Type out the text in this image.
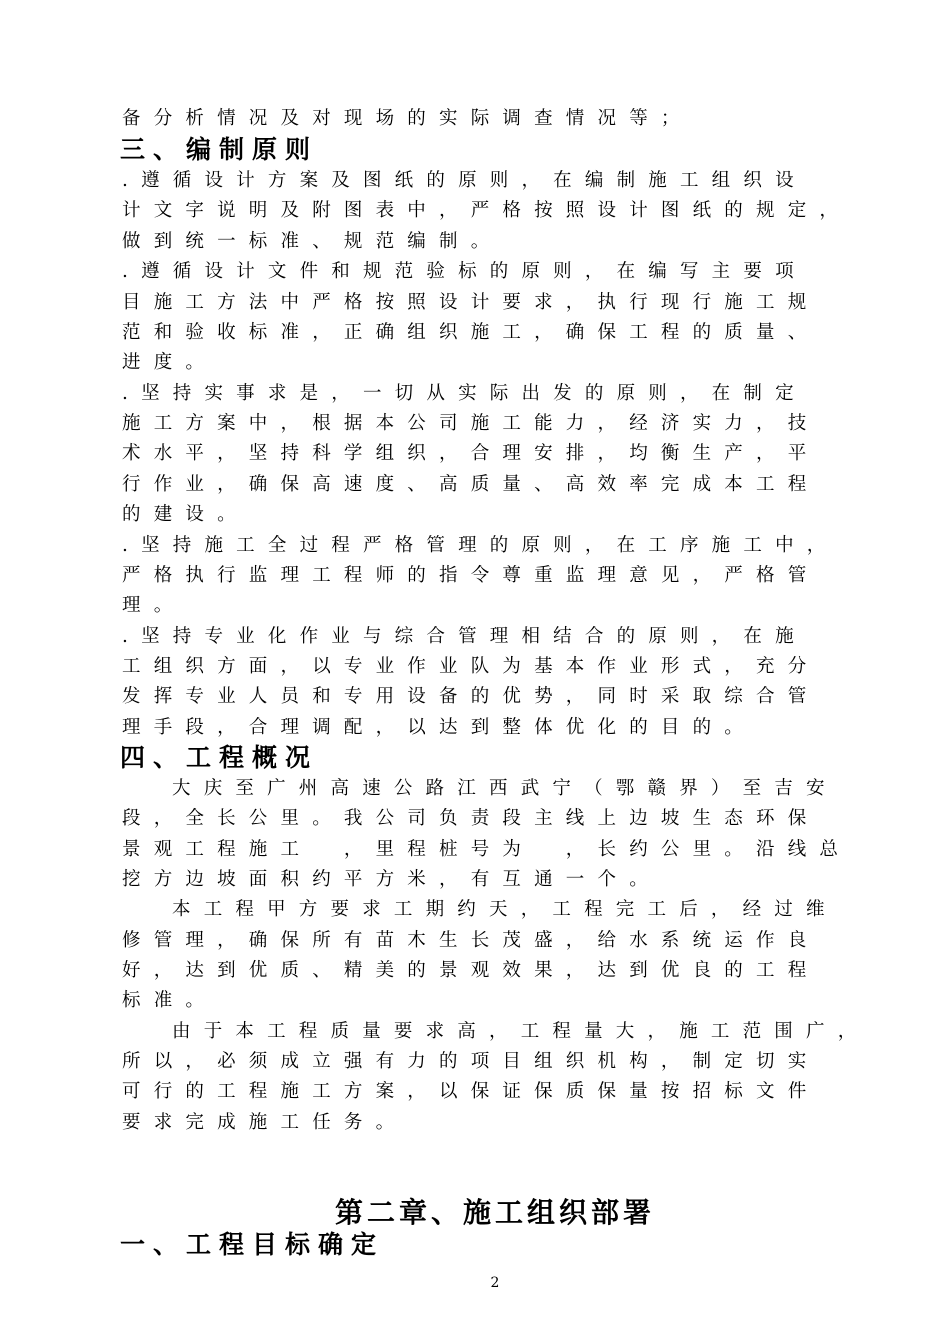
备分析情况及对现场的实际调查情况等；
三、编制原则
.遵循设计方案及图纸的原则，在编制施工组织设
计文字说明及附图表中，严格按照设计图纸的规定，
做到统一标准、规范编制。
.遵循设计文件和规范验标的原则，在编写主要项
目施工方法中严格按照设计要求，执行现行施工规
范和验收标准，正确组织施工，确保工程的质量、
进度。
.坚持实事求是，一切从实际出发的原则，在制定
施工方案中，根据本公司施工能力，经济实力，技
术水平，坚持科学组织，合理安排，均衡生产，平
行作业，确保高速度、高质量、高效率完成本工程
的建设。
.坚持施工全过程严格管理的原则，在工序施工中，
严格执行监理工程师的指令尊重监理意见，严格管
理。
.坚持专业化作业与综合管理相结合的原则，在施
工组织方面，以专业作业队为基本作业形式，充分
发挥专业人员和专用设备的优势，同时采取综合管
理手段，合理调配，以达到整体优化的目的。
四、工程概况
大庆至广州高速公路江西武宁（鄂赣界）至吉安
段，全长公里。我公司负责段主线上边坡生态环保
景观工程施工　，里程桩号为　，长约公里。沿线总
挖方边坡面积约平方米，有互通一个。
本工程甲方要求工期约天，工程完工后，经过维
修管理，确保所有苗木生长茂盛，给水系统运作良
好，达到优质、精美的景观效果，达到优良的工程
标准。
由于本工程质量要求高，工程量大，施工范围广，
所以，必须成立强有力的项目组织机构，制定切实
可行的工程施工方案，以保证保质保量按招标文件
要求完成施工任务。
第二章、施工组织部署
一、工程目标确定
2
